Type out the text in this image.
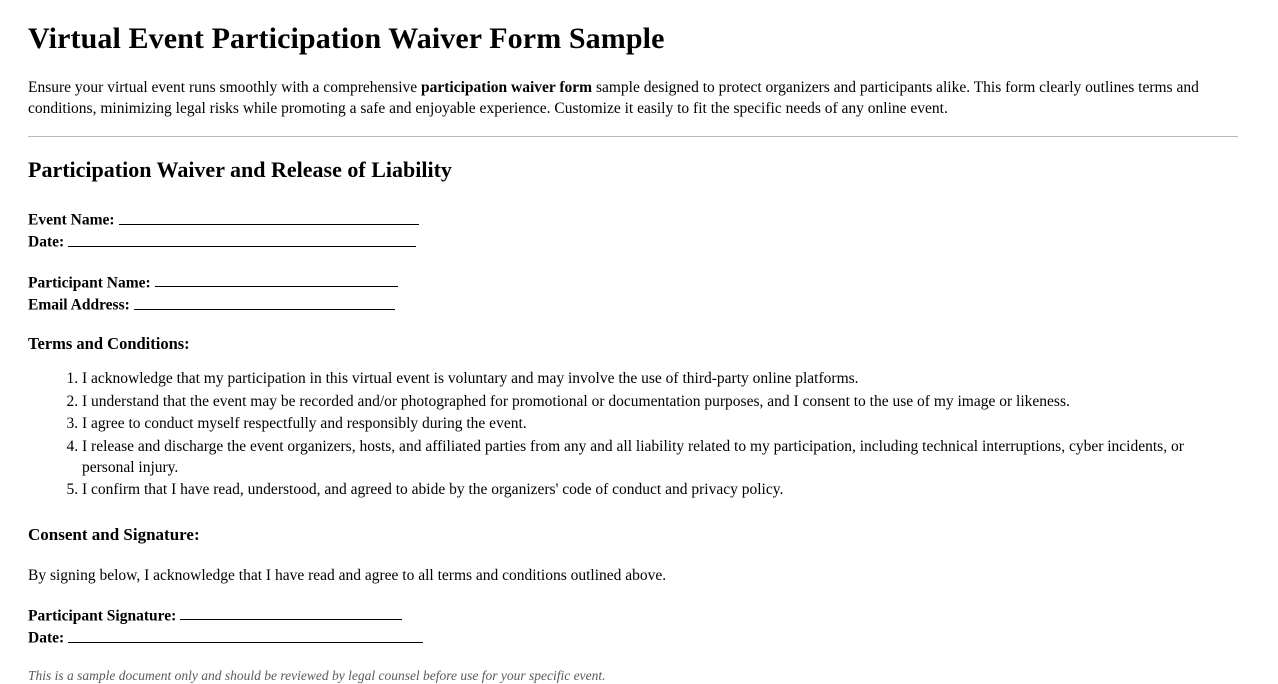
Virtual Event Participation Waiver Form Sample

Ensure your virtual event runs smoothly with a comprehensive participation waiver form sample designed to protect organizers and participants alike. This form clearly outlines terms and conditions, minimizing legal risks while promoting a safe and enjoyable experience. Customize it easily to fit the specific needs of any online event.

Participation Waiver and Release of Liability
Event Name:
Date:
Participant Name:
Email Address:
Terms and Conditions:
1. I acknowledge that my participation in this virtual event is voluntary and may involve the use of third-party online platforms.
2. I understand that the event may be recorded and/or photographed for promotional or documentation purposes, and I consent to the use of my image or likeness.
3. I agree to conduct myself respectfully and responsibly during the event.
4. I release and discharge the event organizers, hosts, and affiliated parties from any and all liability related to my participation, including technical interruptions, cyber incidents, or personal injury.
5. I confirm that I have read, understood, and agreed to abide by the organizers' code of conduct and privacy policy.
Consent and Signature:

By signing below, I acknowledge that I have read and agree to all terms and conditions outlined above.

Participant Signature:
Date:

This is a sample document only and should be reviewed by legal counsel before use for your specific event.
